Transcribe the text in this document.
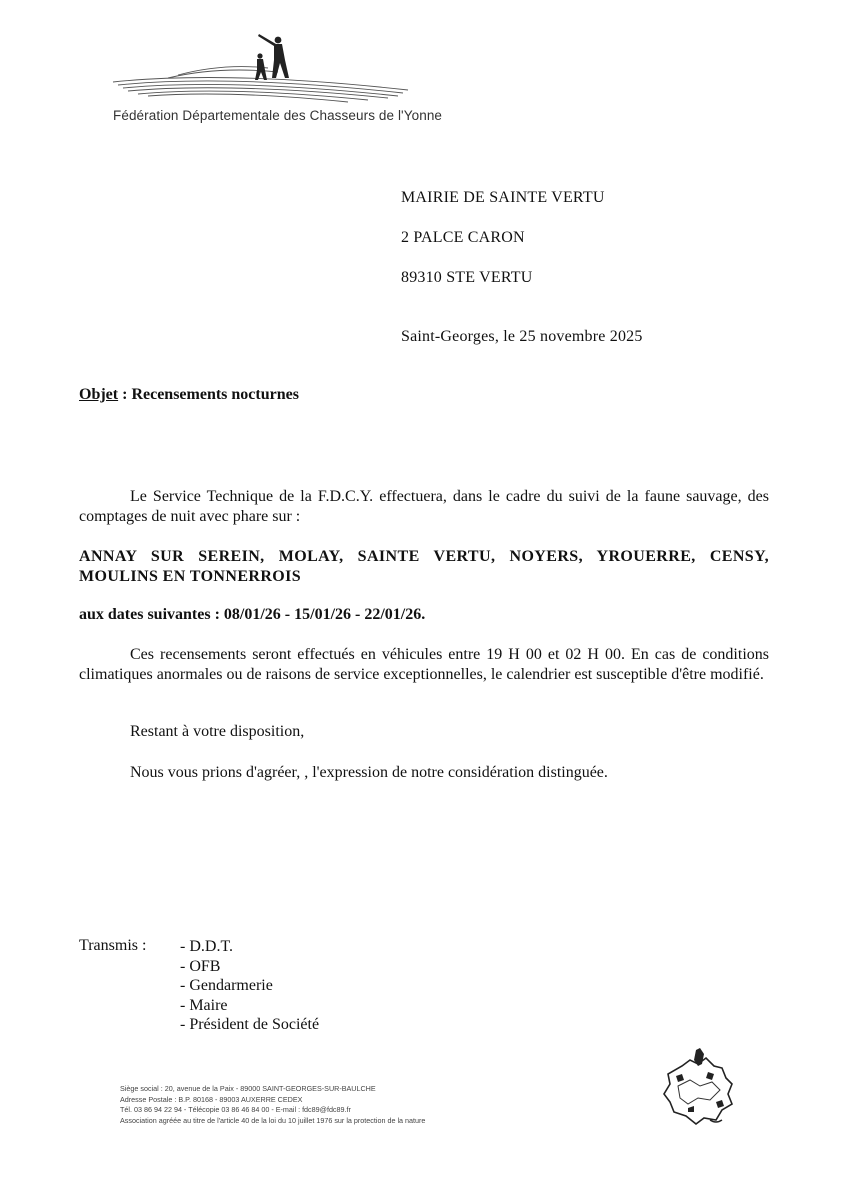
Fédération Départementale des Chasseurs de l'Yonne
MAIRIE DE SAINTE VERTU
2 PALCE CARON
89310 STE VERTU
Saint-Georges, le 25 novembre 2025
Objet : Recensements nocturnes
Le Service Technique de la F.D.C.Y. effectuera, dans le cadre du suivi de la faune sauvage, des comptages de nuit avec phare sur :
ANNAY SUR SEREIN, MOLAY, SAINTE VERTU, NOYERS, YROUERRE, CENSY, MOULINS EN TONNERROIS
aux dates suivantes : 08/01/26 - 15/01/26 - 22/01/26.
Ces recensements seront effectués en véhicules entre 19 H 00 et 02 H 00. En cas de conditions climatiques anormales ou de raisons de service exceptionnelles, le calendrier est susceptible d'être modifié.
Restant à votre disposition,
Nous vous prions d'agréer, , l'expression de notre considération distinguée.
Transmis : - D.D.T.
- OFB
- Gendarmerie
- Maire
- Président de Société
Siège social : 20, avenue de la Paix - 89000 SAINT-GEORGES-SUR-BAULCHE
Adresse Postale : B.P. 80168 - 89003 AUXERRE CEDEX
Tél. 03 86 94 22 94 - Télécopie 03 86 46 84 00 - E-mail : fdc89@fdc89.fr
Association agréée au titre de l'article 40 de la loi du 10 juillet 1976 sur la protection de la nature
